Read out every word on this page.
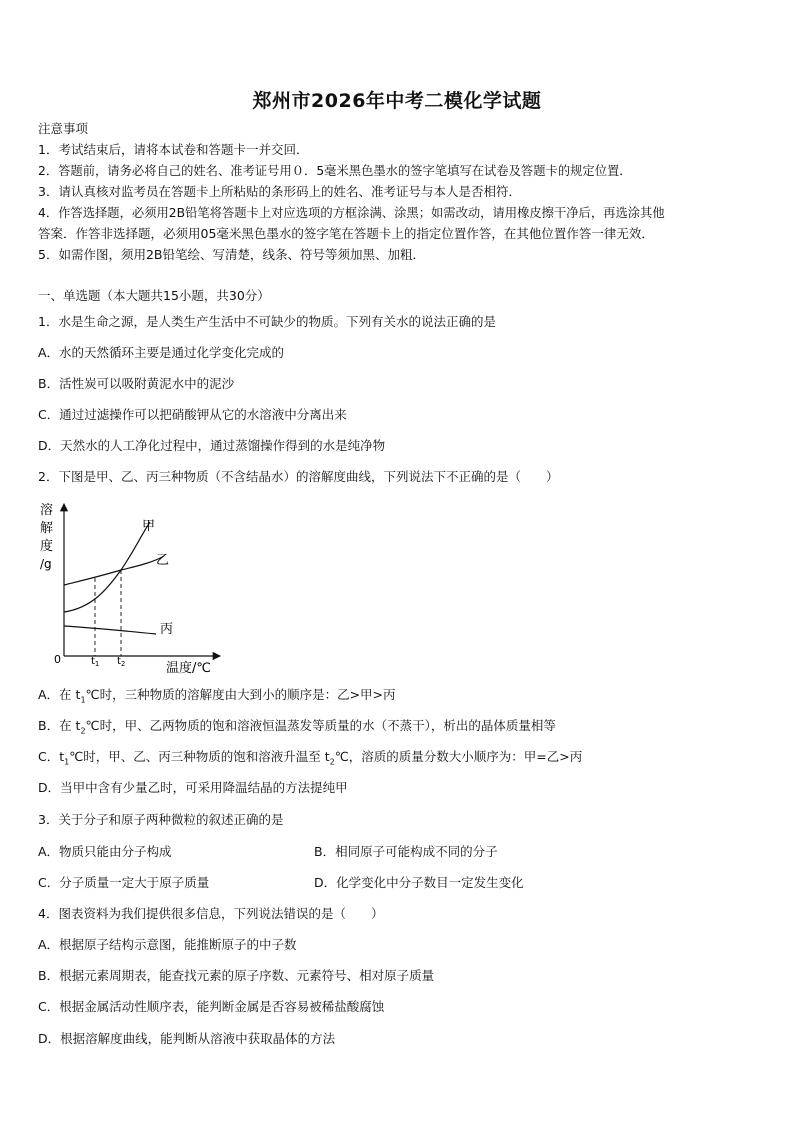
郑州市2026年中考二模化学试题
注意事项
1．考试结束后，请将本试卷和答题卡一并交回．
2．答题前，请务必将自己的姓名、准考证号用０．5毫米黑色墨水的签字笔填写在试卷及答题卡的规定位置．
3．请认真核对监考员在答题卡上所粘贴的条形码上的姓名、准考证号与本人是否相符．
4．作答选择题，必须用2B铅笔将答题卡上对应选项的方框涂满、涂黑；如需改动，请用橡皮擦干净后，再选涂其他
答案．作答非选择题，必须用05毫米黑色墨水的签字笔在答题卡上的指定位置作答，在其他位置作答一律无效．
5．如需作图，须用2B铅笔绘、写清楚，线条、符号等须加黑、加粗．
一、单选题（本大题共15小题，共30分）
1．水是生命之源，是人类生产生活中不可缺少的物质。下列有关水的说法正确的是
A．水的天然循环主要是通过化学变化完成的
B．活性炭可以吸附黄泥水中的泥沙
C．通过过滤操作可以把硝酸钾从它的水溶液中分离出来
D．天然水的人工净化过程中，通过蒸馏操作得到的水是纯净物
2．下图是甲、乙、丙三种物质（不含结晶水）的溶解度曲线，下列说法下不正确的是（　　）
溶
解
度
/g
甲
乙
丙
0	$t_1$ $t_2$	温度/℃
A．在 $t_1℃$时，三种物质的溶解度由大到小的顺序是：乙>甲>丙
B．在 $t_2℃$时，甲、乙两物质的饱和溶液恒温蒸发等质量的水（不蒸干），析出的晶体质量相等
C．$t_1℃$时，甲、乙、丙三种物质的饱和溶液升温至 $t_2℃$，溶质的质量分数大小顺序为：甲=乙>丙
D．当甲中含有少量乙时，可采用降温结晶的方法提纯甲
3．关于分子和原子两种微粒的叙述正确的是
A．物质只能由分子构成	B．相同原子可能构成不同的分子
C．分子质量一定大于原子质量	D．化学变化中分子数目一定发生变化
4．图表资料为我们提供很多信息，下列说法错误的是（　　）
A．根据原子结构示意图，能推断原子的中子数
B．根据元素周期表，能查找元素的原子序数、元素符号、相对原子质量
C．根据金属活动性顺序表，能判断金属是否容易被稀盐酸腐蚀
D．根据溶解度曲线，能判断从溶液中获取晶体的方法
